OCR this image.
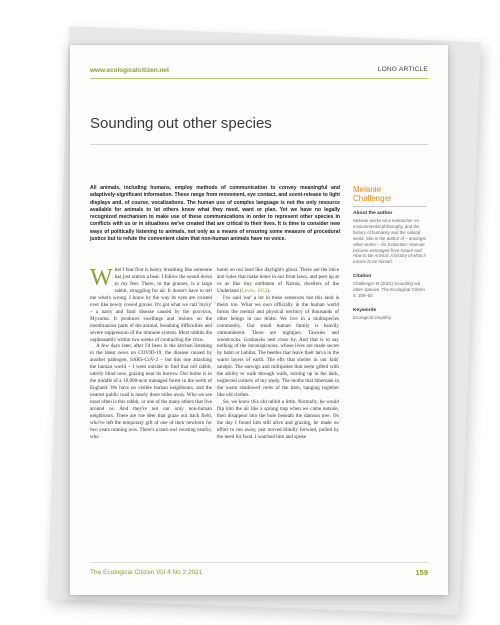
www.ecologicalcitizen.net	LONG ARTICLE
Sounding out other species
All animals, including humans, employ methods of communication to convey meaningful and adaptively-significant information. These range from movement, eye contact, and scent-release to light displays and, of course, vocalizations. The human use of complex language is not the only resource available for animals to let others know what they need, want or plan. Yet we have no legally recognized mechanism to make use of these communications in order to represent other species in conflicts with us or in situations we've created that are critical to their lives. It is time to consider new ways of politically listening to animals, not only as a means of ensuring some measure of procedural justice but to refute the convenient claim that non-human animals have no voice.

What I fear first is heavy breathing like someone has just outrun a bear. I follow the sound down to my feet. There, in the grasses, is a large rabbit, struggling for air. It doesn't have to tell me what's wrong. I know by the way its eyes are crusted over like newly cowed graves. It's got what we call 'myxy' – a nasty and fatal disease caused by the poxvirus, Myxoma. It produces swellings and lesions on the membranous parts of the animal, breathing difficulties and severe suppression of the immune system. Most rabbits die unpleasantly within two weeks of contracting the virus.

A few days later, after I'd been in the kitchen listening to the latest news on COVID-19, the disease caused by another pathogen, SARS-CoV-2 – but this one attacking the human world – I went outside to find that old rabbit, utterly blind now, grazing near its burrow. Our home is in the middle of a 10,000-acre managed forest in the north of England. We have no visible human neighbours, and the nearest public road is nearly three miles away. Who we see most often is this rabbit, or one of the many others that live around us. And they're not our only non-human neighbours. There are roe deer that graze our back field, who've left the temporary gift of one of their newborn for two years running now. There's a barn owl roosting nearby, who

hunts on our land like daylight's ghost. There are the mice and voles that make holes in our front lawn, and peer up at us as like tiny earthmen of Narnia, dwellers of the Underland (Lewis, 1953).

I've said 'our' a lot in these sentences but this land is theirs too. What we own officially in the human world forms the mental and physical territory of thousands of other beings in our midst. We live in a multispecies community. Our small human family is heavily outnumbered. There are nightjars. Tawnies and woodcocks. Goshawks nest close by. And that is to say nothing of the inconspicuous, whose lives are made secret by habit or habitat. The beetles that leave their larva in the warm layers of earth. The efts that shelter in our kids' sandpit. The earwigs and millipedes that seem gifted with the ability to walk through walls, turning up in the dark, neglected corners of my study. The moths that hibernate in the warm shadowed vents of the barn, hanging together like old clothes.

So, we knew this old rabbit a little. Normally, he would flip into the air like a sprung trap when we came outside, then disappear into the hole beneath the damson tree. On the day I found him still alive and grazing, he made no effort to run away, just moved blindly forward, pulled by the need for food. I watched him and spoke

Melanie
Challenger
About the author
Melanie works as a researcher on environmental philosophy, and the history of humanity and the natural world. She is the author of – amongst other works – On Extinction: How we became estranged from nature and How to Be Animal: A history of what it means to be human.
Citation
Challenger M (2021) Sounding out other species. The Ecological Citizen 4: 159–62.
Keywords
Ecological empathy
The Ecological Citizen Vol 4 No 2 2021	159
